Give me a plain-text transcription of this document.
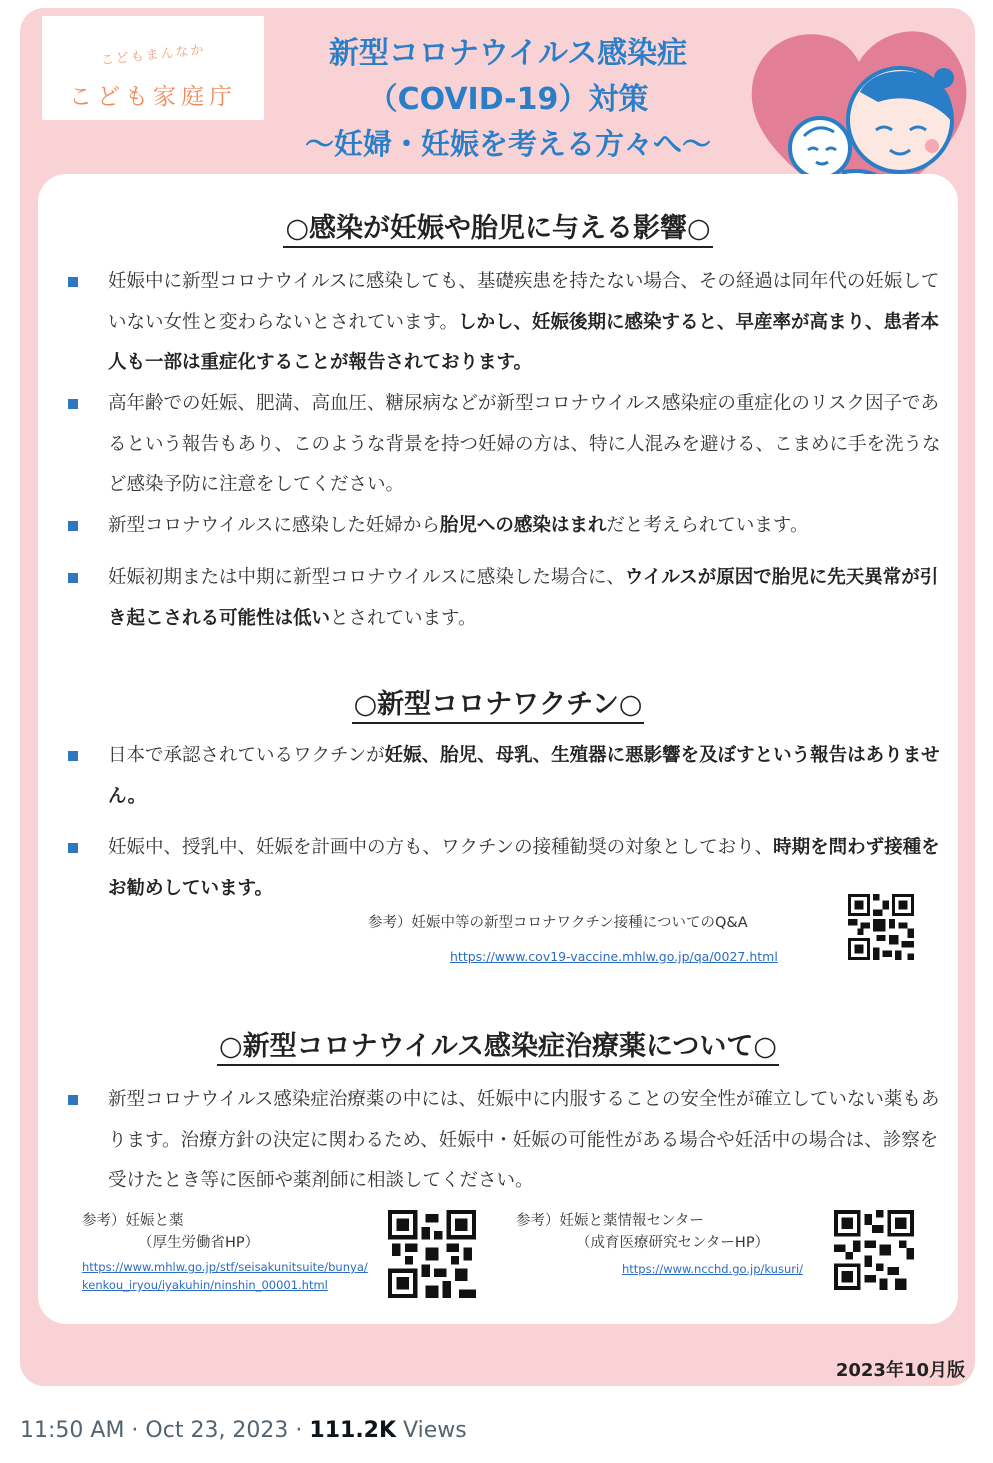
こどもまんなか
こども家庭庁
新型コロナウイルス感染症
（COVID-19）対策
～妊婦・妊娠を考える方々へ～
○感染が妊娠や胎児に与える影響○
妊娠中に新型コロナウイルスに感染しても、基礎疾患を持たない場合、その経過は同年代の妊娠していない女性と変わらないとされています。しかし、妊娠後期に感染すると、早産率が高まり、患者本人も一部は重症化することが報告されております。
高年齢での妊娠、肥満、高血圧、糖尿病などが新型コロナウイルス感染症の重症化のリスク因子であるという報告もあり、このような背景を持つ妊婦の方は、特に人混みを避ける、こまめに手を洗うなど感染予防に注意をしてください。
新型コロナウイルスに感染した妊婦から胎児への感染はまれだと考えられています。
妊娠初期または中期に新型コロナウイルスに感染した場合に、ウイルスが原因で胎児に先天異常が引き起こされる可能性は低いとされています。
○新型コロナワクチン○
日本で承認されているワクチンが妊娠、胎児、母乳、生殖器に悪影響を及ぼすという報告はありません。
妊娠中、授乳中、妊娠を計画中の方も、ワクチンの接種勧奨の対象としており、時期を問わず接種をお勧めしています。
参考）妊娠中等の新型コロナワクチン接種についてのQ&A
https://www.cov19-vaccine.mhlw.go.jp/qa/0027.html
○新型コロナウイルス感染症治療薬について○
新型コロナウイルス感染症治療薬の中には、妊娠中に内服することの安全性が確立していない薬もあります。治療方針の決定に関わるため、妊娠中・妊娠の可能性がある場合や妊活中の場合は、診察を受けたとき等に医師や薬剤師に相談してください。
参考）妊娠と薬
（厚生労働省HP）
https://www.mhlw.go.jp/stf/seisakunitsuite/bunya/
kenkou_iryou/iyakuhin/ninshin_00001.html
参考）妊娠と薬情報センター
（成育医療研究センターHP）
https://www.ncchd.go.jp/kusuri/
2023年10月版
11:50 AM · Oct 23, 2023 · 111.2K Views
